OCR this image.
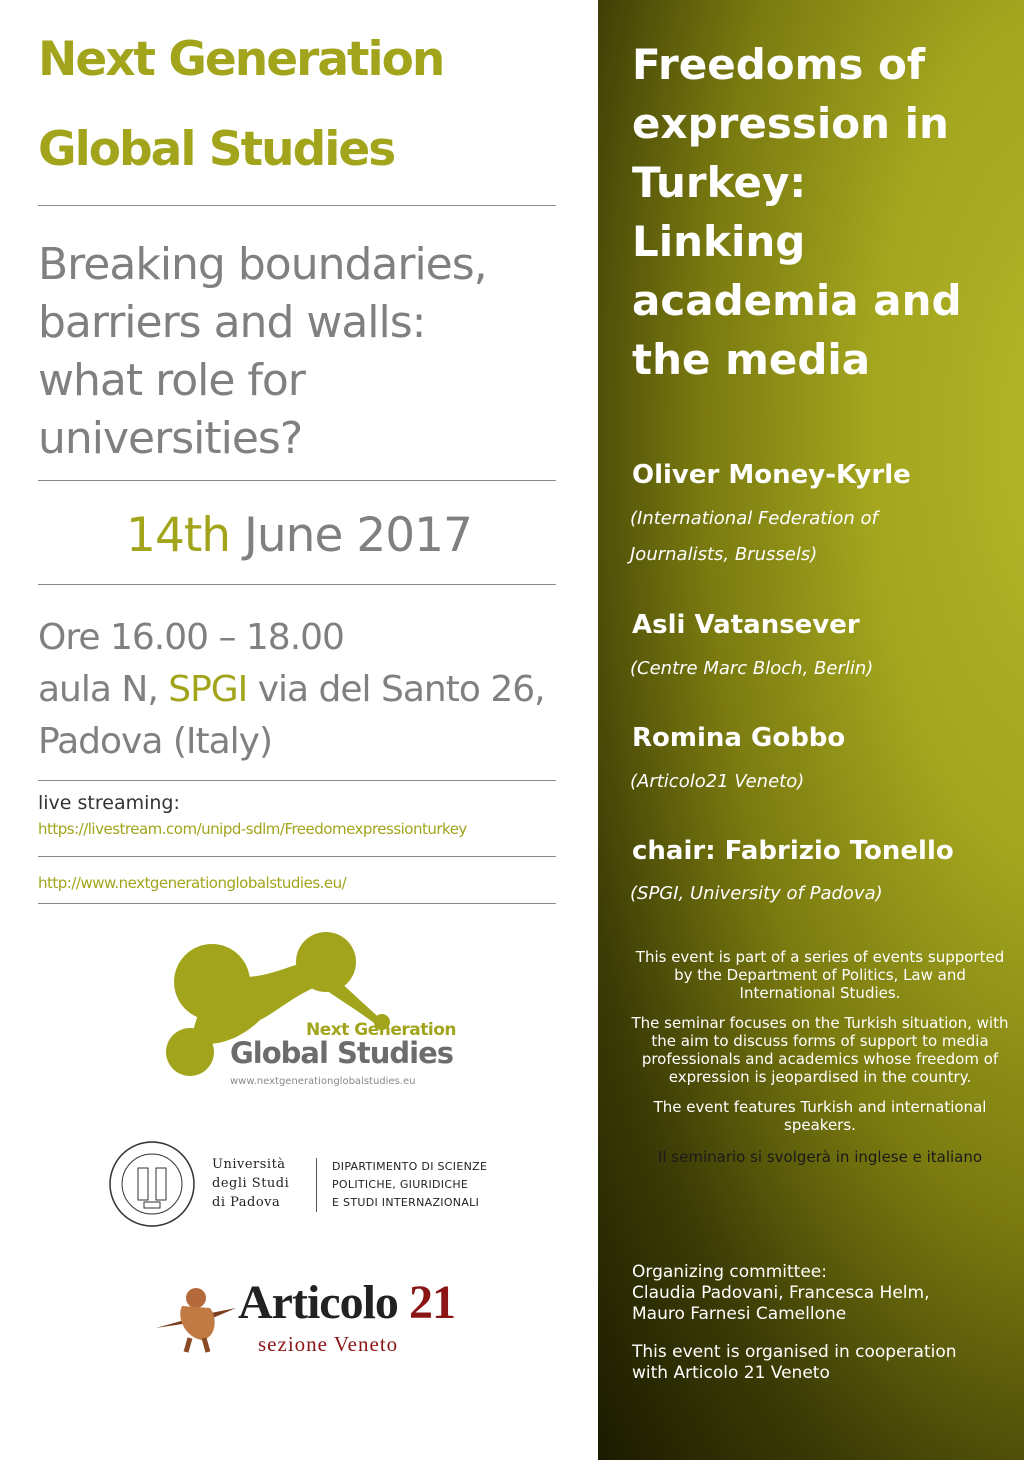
Next Generation
Global Studies
Breaking boundaries,
barriers and walls:
what role for
universities?
14th June 2017
Ore 16.00 – 18.00
aula N, SPGI via del Santo 26,
Padova (Italy)
live streaming:
https://livestream.com/unipd-sdlm/Freedomexpressionturkey
http://www.nextgenerationglobalstudies.eu/
Next Generation
Global Studies
www.nextgenerationglobalstudies.eu
Università
degli Studi
di Padova
DIPARTIMENTO DI SCIENZE
POLITICHE, GIURIDICHE
E STUDI INTERNAZIONALI
Articolo 21
sezione Veneto
Freedoms of
expression in
Turkey:
Linking
academia and
the media
Oliver Money-Kyrle
(International Federation of
Journalists, Brussels)
Asli Vatansever
(Centre Marc Bloch, Berlin)
Romina Gobbo
(Articolo21 Veneto)
chair: Fabrizio Tonello
(SPGI, University of Padova)

This event is part of a series of events supported by the Department of Politics, Law and International Studies.

The seminar focuses on the Turkish situation, with the aim to discuss forms of support to media professionals and academics whose freedom of expression is jeopardised in the country.

The event features Turkish and international speakers.

Il seminario si svolgerà in inglese e italiano

Organizing committee:
Claudia Padovani, Francesca Helm,
Mauro Farnesi Camellone
This event is organised in cooperation
with Articolo 21 Veneto
